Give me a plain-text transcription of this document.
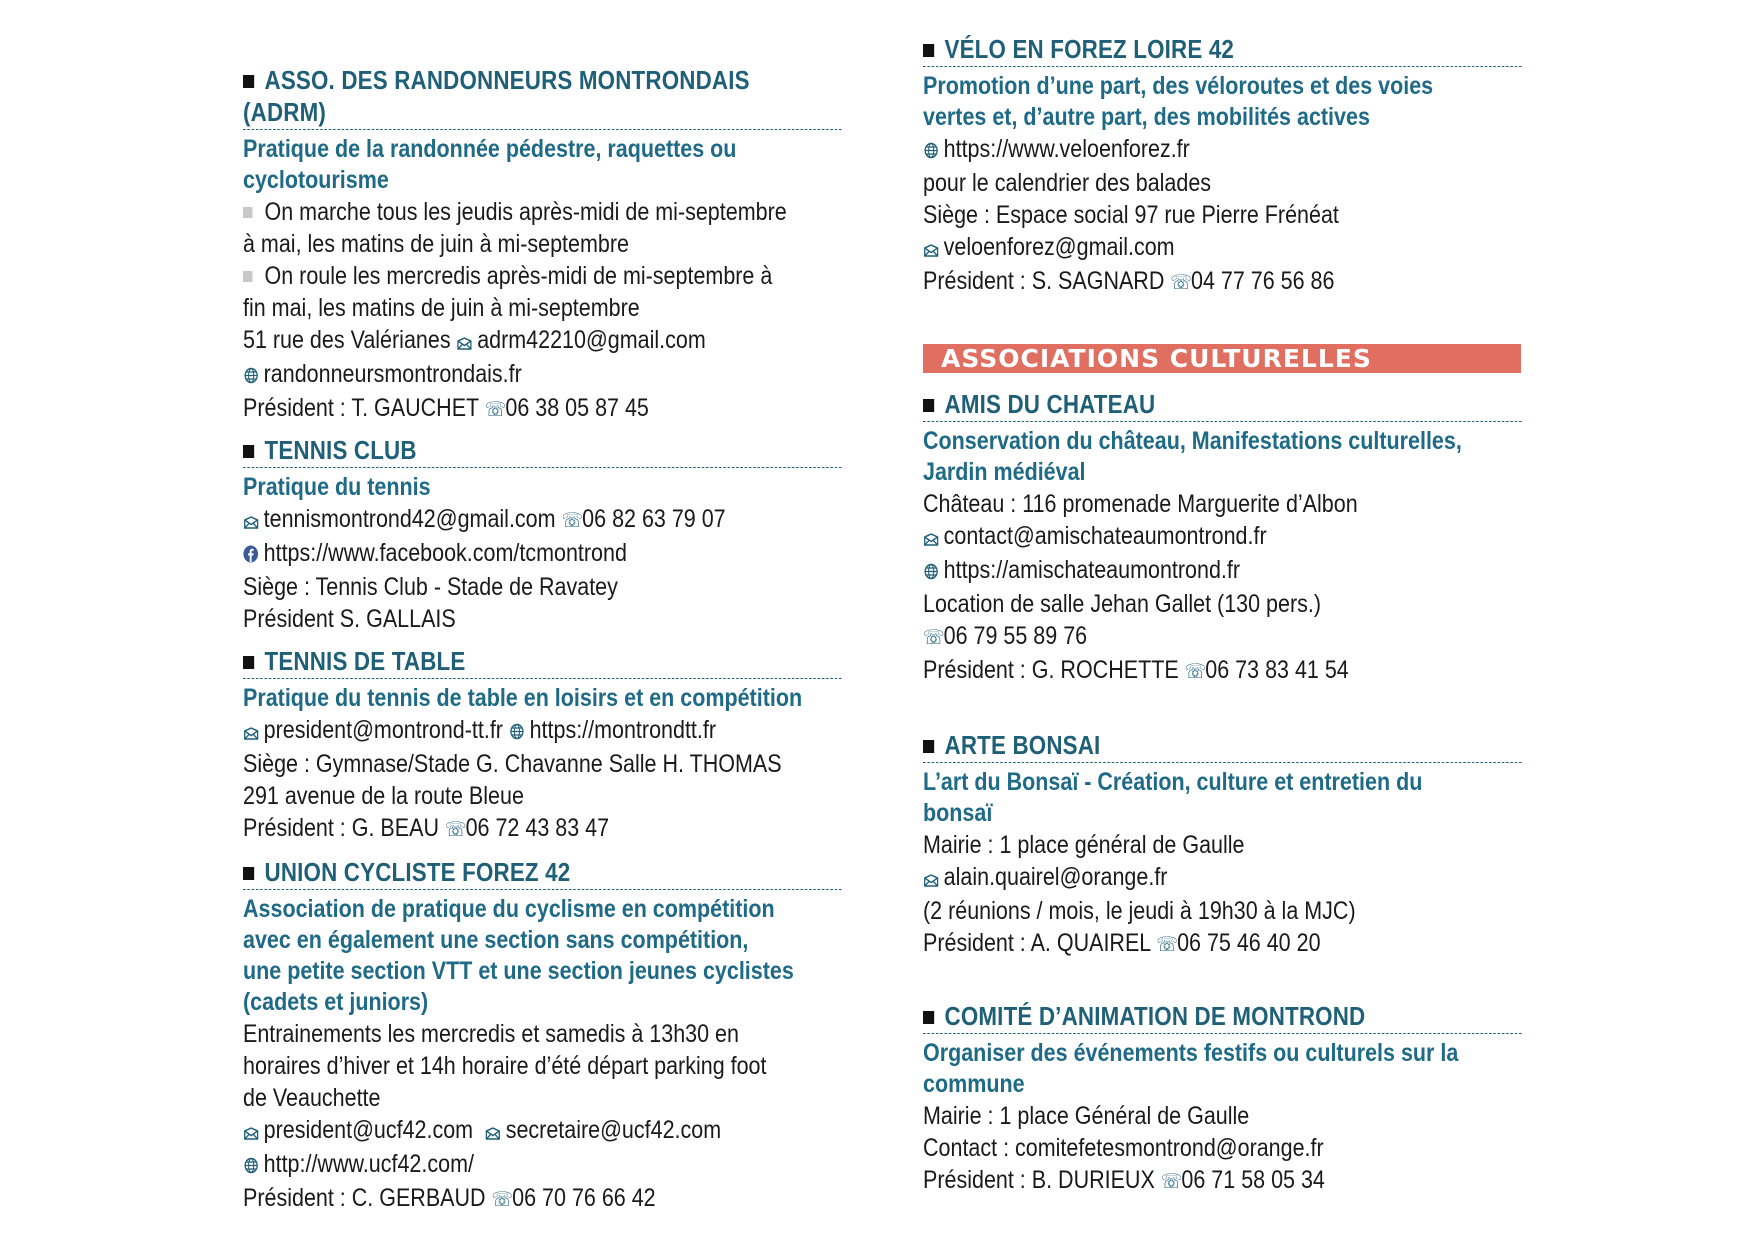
ASSO. DES RANDONNEURS MONTRONDAIS
(ADRM)
Pratique de la randonnée pédestre, raquettes ou
cyclotourisme
On marche tous les jeudis après-midi de mi-septembre
à mai, les matins de juin à mi-septembre
On roule les mercredis après-midi de mi-septembre à
fin mai, les matins de juin à mi-septembre
51 rue des Valérianes adrm42210@gmail.com
randonneursmontrondais.fr
Président : T. GAUCHET ☏06 38 05 87 45
TENNIS CLUB
Pratique du tennis
tennismontrond42@gmail.com ☏06 82 63 79 07
https://www.facebook.com/tcmontrond
Siège : Tennis Club - Stade de Ravatey
Président S. GALLAIS
TENNIS DE TABLE
Pratique du tennis de table en loisirs et en compétition
president@montrond-tt.fr https://montrondtt.fr
Siège : Gymnase/Stade G. Chavanne Salle H. THOMAS
291 avenue de la route Bleue
Président : G. BEAU ☏06 72 43 83 47
UNION CYCLISTE FOREZ 42
Association de pratique du cyclisme en compétition
avec en également une section sans compétition,
une petite section VTT et une section jeunes cyclistes
(cadets et juniors)
Entrainements les mercredis et samedis à 13h30 en
horaires d’hiver et 14h horaire d’été départ parking foot
de Veauchette
president@ucf42.com secretaire@ucf42.com
http://www.ucf42.com/
Président : C. GERBAUD ☏06 70 76 66 42
VÉLO EN FOREZ LOIRE 42
Promotion d’une part, des véloroutes et des voies
vertes et, d’autre part, des mobilités actives
https://www.veloenforez.fr
pour le calendrier des balades
Siège : Espace social 97 rue Pierre Frénéat
veloenforez@gmail.com
Président : S. SAGNARD ☏04 77 76 56 86
AMIS DU CHATEAU
Conservation du château, Manifestations culturelles,
Jardin médiéval
Château : 116 promenade Marguerite d’Albon
contact@amischateaumontrond.fr
https://amischateaumontrond.fr
Location de salle Jehan Gallet (130 pers.)
☏06 79 55 89 76
Président : G. ROCHETTE ☏06 73 83 41 54
ARTE BONSAI
L’art du Bonsaï - Création, culture et entretien du
bonsaï
Mairie : 1 place général de Gaulle
alain.quairel@orange.fr
(2 réunions / mois, le jeudi à 19h30 à la MJC)
Président : A. QUAIREL ☏06 75 46 40 20
COMITÉ D’ANIMATION DE MONTROND
Organiser des événements festifs ou culturels sur la
commune
Mairie : 1 place Général de Gaulle
Contact : comitefetesmontrond@orange.fr
Président : B. DURIEUX ☏06 71 58 05 34
ASSOCIATIONS CULTURELLES
